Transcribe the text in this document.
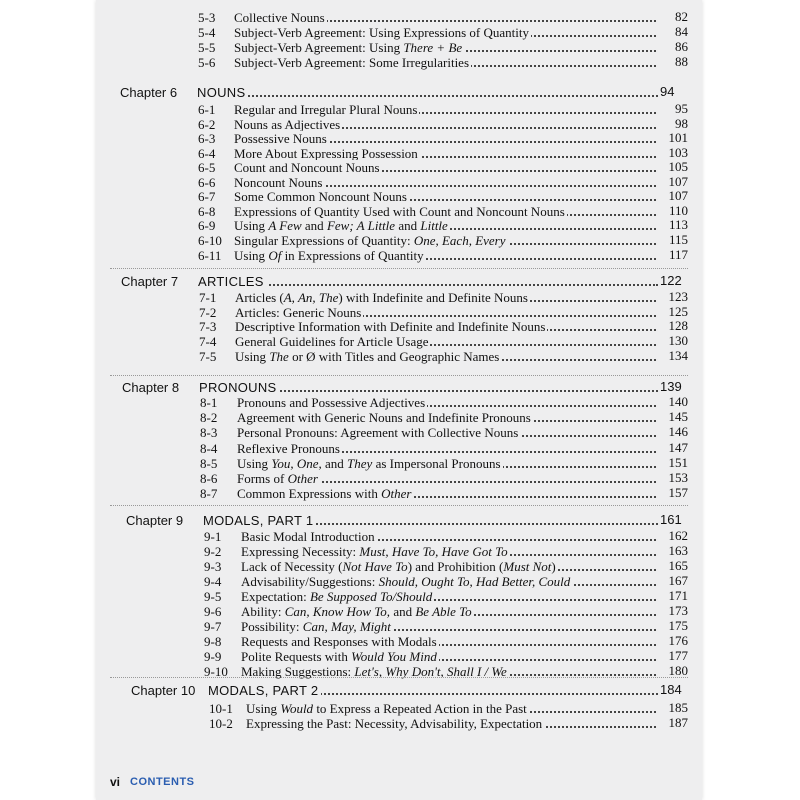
5-3 Collective Nouns	82
5-4 Subject-Verb Agreement: Using Expressions of Quantity	84
5-5 Subject-Verb Agreement: Using There + Be	86
5-6 Subject-Verb Agreement: Some Irregularities	88
Chapter 6 NOUNS	94
6-1 Regular and Irregular Plural Nouns	95
6-2 Nouns as Adjectives	98
6-3 Possessive Nouns	101
6-4 More About Expressing Possession	103
6-5 Count and Noncount Nouns	105
6-6 Noncount Nouns	107
6-7 Some Common Noncount Nouns	107
6-8 Expressions of Quantity Used with Count and Noncount Nouns	110
6-9 Using A Few and Few; A Little and Little	113
6-10 Singular Expressions of Quantity: One, Each, Every	115
6-11 Using Of in Expressions of Quantity	117
Chapter 7 ARTICLES	122
7-1 Articles (A, An, The) with Indefinite and Definite Nouns	123
7-2 Articles: Generic Nouns	125
7-3 Descriptive Information with Definite and Indefinite Nouns	128
7-4 General Guidelines for Article Usage	130
7-5 Using The or Ø with Titles and Geographic Names	134
Chapter 8 PRONOUNS	139
8-1 Pronouns and Possessive Adjectives	140
8-2 Agreement with Generic Nouns and Indefinite Pronouns	145
8-3 Personal Pronouns: Agreement with Collective Nouns	146
8-4 Reflexive Pronouns	147
8-5 Using You, One, and They as Impersonal Pronouns	151
8-6 Forms of Other	153
8-7 Common Expressions with Other	157
Chapter 9 MODALS, PART 1	161
9-1 Basic Modal Introduction	162
9-2 Expressing Necessity: Must, Have To, Have Got To	163
9-3 Lack of Necessity (Not Have To) and Prohibition (Must Not)	165
9-4 Advisability/Suggestions: Should, Ought To, Had Better, Could	167
9-5 Expectation: Be Supposed To/Should	171
9-6 Ability: Can, Know How To, and Be Able To	173
9-7 Possibility: Can, May, Might	175
9-8 Requests and Responses with Modals	176
9-9 Polite Requests with Would You Mind	177
9-10 Making Suggestions: Let's, Why Don't, Shall I / We	180
Chapter 10 MODALS, PART 2	184
10-1 Using Would to Express a Repeated Action in the Past	185
10-2 Expressing the Past: Necessity, Advisability, Expectation	187
vi CONTENTS
